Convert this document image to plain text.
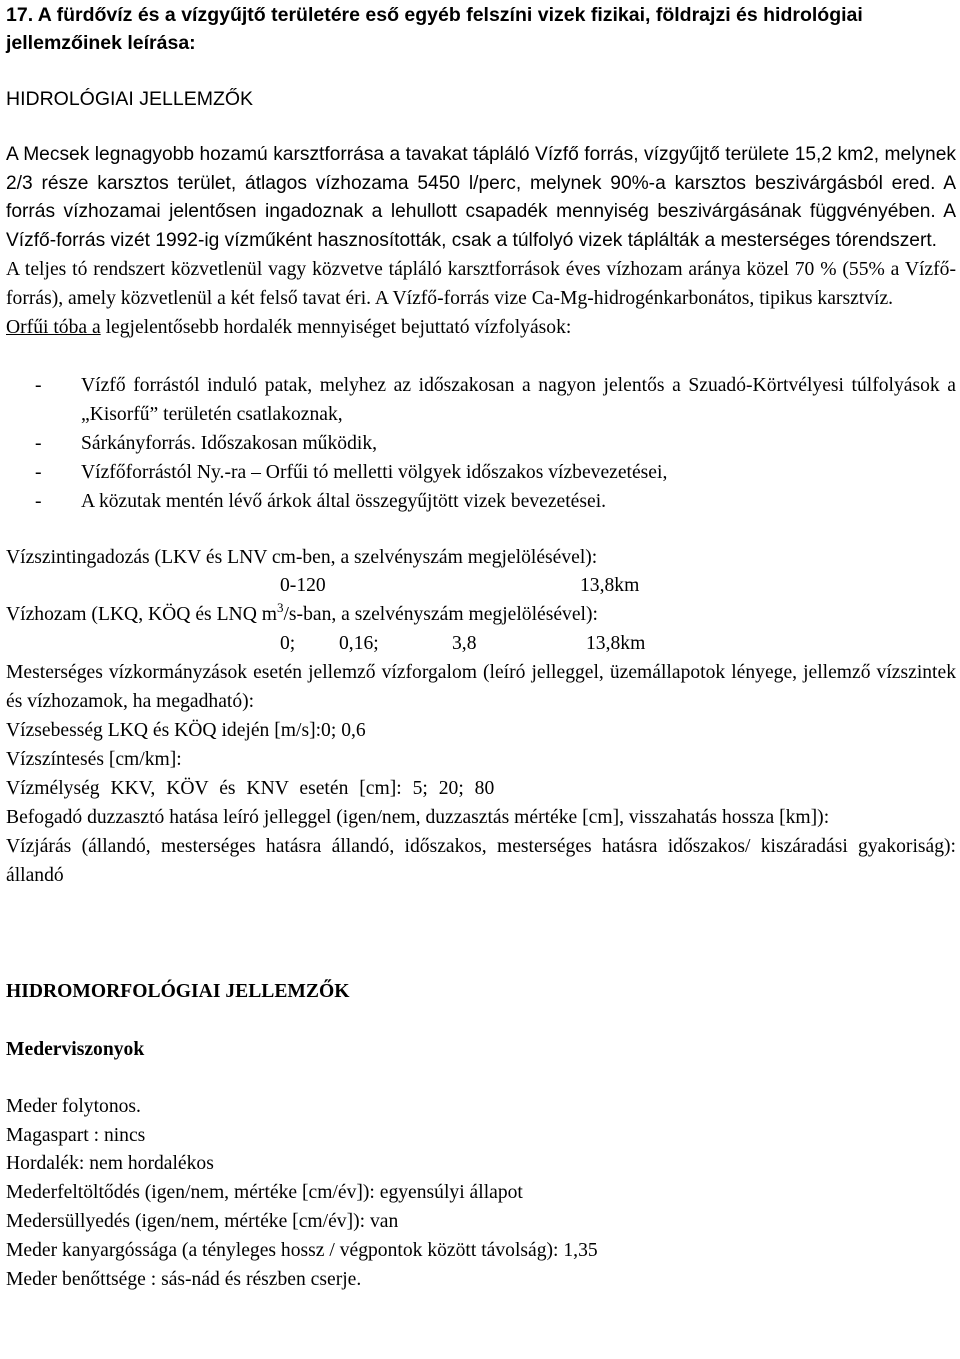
17. A fürdővíz és a vízgyűjtő területére eső egyéb felszíni vizek fizikai, földrajzi és hidrológiai jellemzőinek leírása:

HIDROLÓGIAI JELLEMZŐK

A Mecsek legnagyobb hozamú karsztforrása a tavakat tápláló Vízfő forrás, vízgyűjtő területe 15,2 km2, melynek 2/3 része karsztos terület, átlagos vízhozama 5450 l/perc, melynek 90%-a karsztos beszivárgásból ered. A forrás vízhozamai jelentősen ingadoznak a lehullott csapadék mennyiség beszivárgásának függvényében. A Vízfő-forrás vizét 1992-ig vízműként hasznosították, csak a túlfolyó vizek táplálták a mesterséges tórendszert.

A teljes tó rendszert közvetlenül vagy közvetve tápláló karsztforrások éves vízhozam aránya közel 70 % (55% a Vízfő-forrás), amely közvetlenül a két felső tavat éri. A Vízfő-forrás vize Ca-Mg-hidrogénkarbonátos, tipikus karsztvíz.

Orfűi tóba a legjelentősebb hordalék mennyiséget bejuttató vízfolyások:

- Vízfő forrástól induló patak, melyhez az időszakosan a nagyon jelentős a Szuadó-Körtvélyesi túlfolyások a „Kisorfű” területén csatlakoznak,
- Sárkányforrás. Időszakosan működik,
- Vízfőforrástól Ny.-ra – Orfűi tó melletti völgyek időszakos vízbevezetései,
- A közutak mentén lévő árkok által összegyűjtött vizek bevezetései.

Vízszintingadozás (LKV és LNV cm-ben, a szelvényszám megjelölésével):

0-120	13,8km

Vízhozam (LKQ, KÖQ és LNQ $m^3/s$-ban, a szelvényszám megjelölésével):

0; 0,16;	3,8	13,8km

Mesterséges vízkormányzások esetén jellemző vízforgalom (leíró jelleggel, üzemállapotok lényege, jellemző vízszintek és vízhozamok, ha megadható):

Vízsebesség LKQ és KÖQ idején [m/s]:0; 0,6

Vízszíntesés [cm/km]:

Vízmélység KKV, KÖV és KNV esetén [cm]: 5; 20; 80

Befogadó duzzasztó hatása leíró jelleggel (igen/nem, duzzasztás mértéke [cm], visszahatás hossza [km]):

Vízjárás (állandó, mesterséges hatásra állandó, időszakos, mesterséges hatásra időszakos/ kiszáradási gyakoriság): állandó

HIDROMORFOLÓGIAI JELLEMZŐK

Mederviszonyok

Meder folytonos.

Magaspart : nincs

Hordalék: nem hordalékos

Mederfeltöltődés (igen/nem, mértéke [cm/év]): egyensúlyi állapot

Medersüllyedés (igen/nem, mértéke [cm/év]): van

Meder kanyargóssága (a tényleges hossz / végpontok között távolság): 1,35

Meder benőttsége : sás-nád és részben cserje.
